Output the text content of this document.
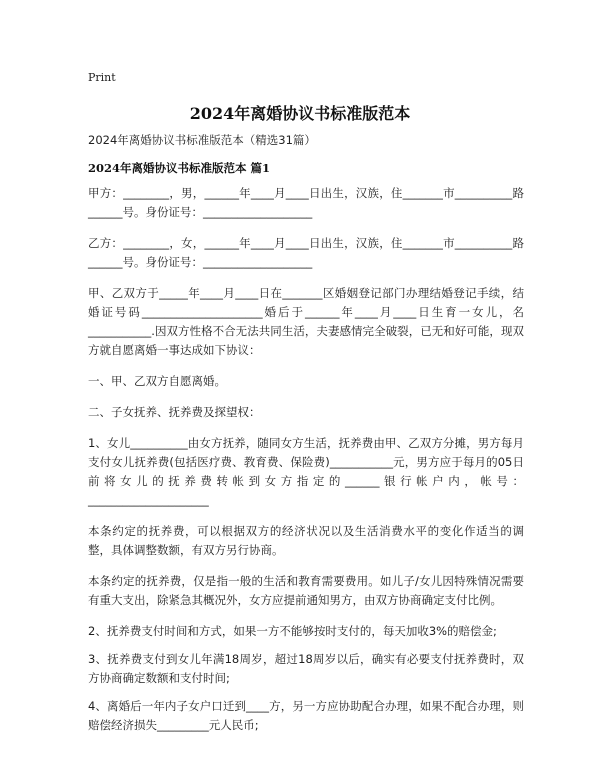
Print
2024年离婚协议书标准版范本
2024年离婚协议书标准版范本（精选31篇）
2024年离婚协议书标准版范本 篇1

甲方：________，男，______年____月____日出生，汉族，住_______市__________路______号。身份证号：___________________

乙方：________，女，______年____月____日出生，汉族，住_______市__________路______号。身份证号：___________________

甲、乙双方于_____年____月____日在_______区婚姻登记部门办理结婚登记手续，结婚证号码_____________________婚后于______年____月____日生育一女儿，名___________.因双方性格不合无法共同生活，夫妻感情完全破裂，已无和好可能，现双方就自愿离婚一事达成如下协议：

一、甲、乙双方自愿离婚。

二、子女抚养、抚养费及探望权：

1、女儿__________由女方抚养，随同女方生活，抚养费由甲、乙双方分摊，男方每月支付女儿抚养费(包括医疗费、教育费、保险费)___________元，男方应于每月的05日前将女儿的抚养费转帐到女方指定的______银行帐户内，帐号：_____________________

本条约定的抚养费，可以根据双方的经济状况以及生活消费水平的变化作适当的调整，具体调整数额，有双方另行协商。

本条约定的抚养费，仅是指一般的生活和教育需要费用。如儿子/女儿因特殊情况需要有重大支出，除紧急其概况外，女方应提前通知男方，由双方协商确定支付比例。

2、抚养费支付时间和方式，如果一方不能够按时支付的，每天加收3%的赔偿金;

3、抚养费支付到女儿年满18周岁，超过18周岁以后，确实有必要支付抚养费时，双方协商确定数额和支付时间;

4、离婚后一年内子女户口迁到____方，另一方应协助配合办理，如果不配合办理，则赔偿经济损失_________元人民币;
